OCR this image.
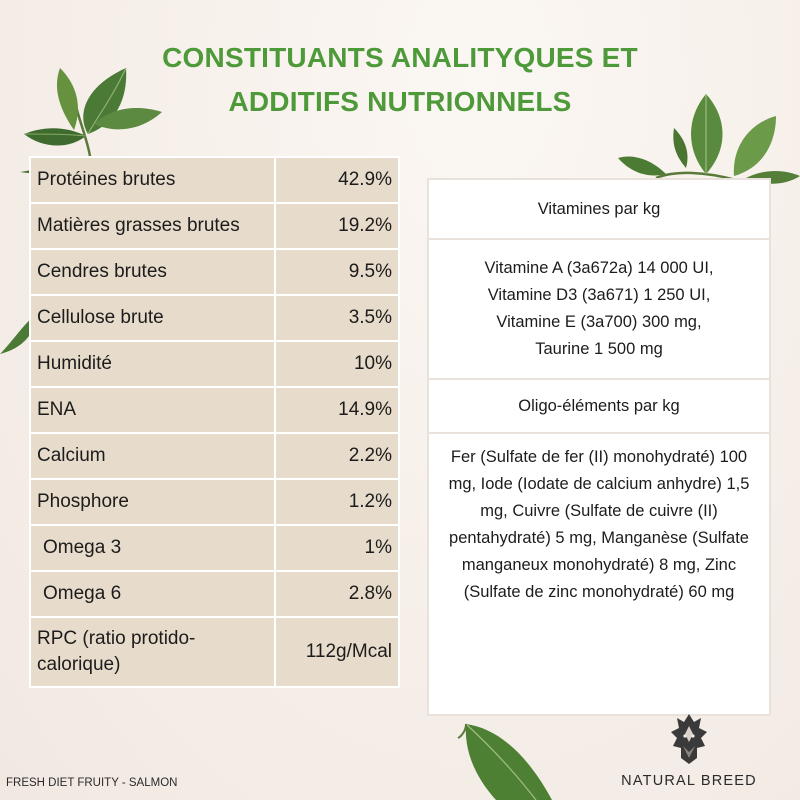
CONSTITUANTS ANALITYQUES ET
ADDITIFS NUTRIONNELS
Protéines brutes	42.9%
Matières grasses brutes	19.2%
Cendres brutes	9.5%
Cellulose brute	3.5%
Humidité	10%
ENA	14.9%
Calcium	2.2%
Phosphore	1.2%
Omega 3	1%
Omega 6	2.8%
RPC (ratio protido-calorique)	112g/Mcal
Vitamines par kg
Vitamine A (3a672a) 14 000 UI,
Vitamine D3 (3a671) 1 250 UI,
Vitamine E (3a700) 300 mg,
Taurine 1 500 mg
Oligo-éléments par kg
Fer (Sulfate de fer (II) monohydraté) 100 mg, Iode (Iodate de calcium anhydre) 1,5 mg, Cuivre (Sulfate de cuivre (II) pentahydraté) 5 mg, Manganèse (Sulfate manganeux monohydraté) 8 mg, Zinc (Sulfate de zinc monohydraté) 60 mg
FRESH DIET FRUITY - SALMON	NATURAL BREED
